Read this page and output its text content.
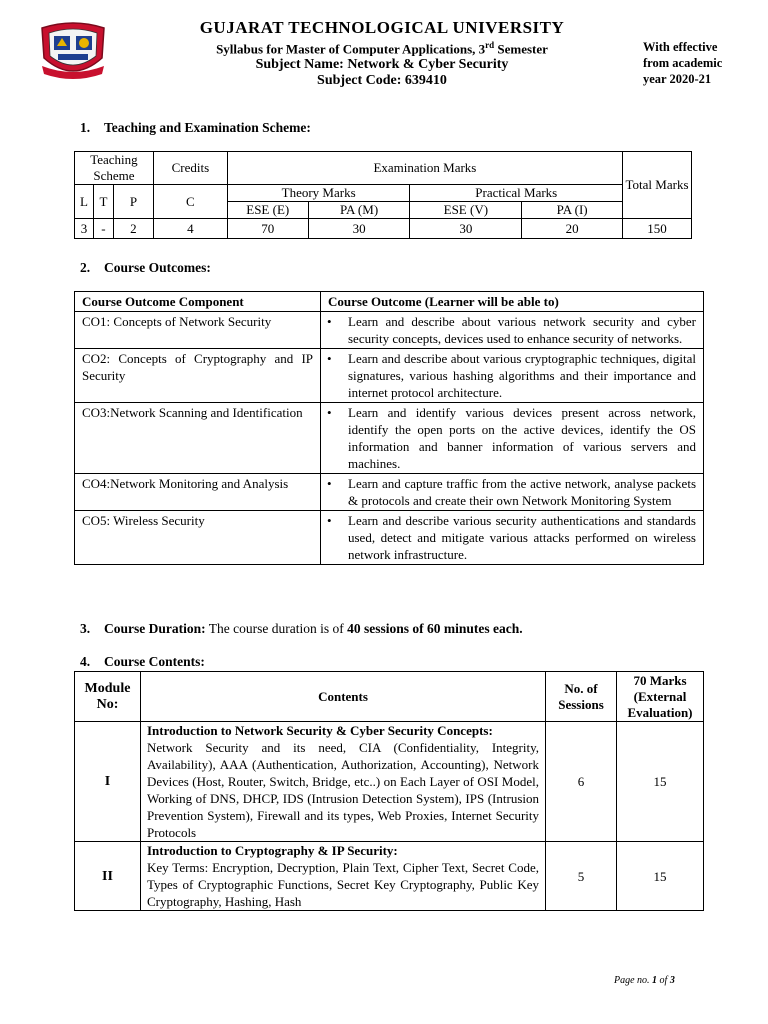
GUJARAT TECHNOLOGICAL UNIVERSITY
Syllabus for Master of Computer Applications, 3rd Semester
Subject Name: Network & Cyber Security
Subject Code: 639410
With effective
from academic
year 2020-21
1. Teaching and Examination Scheme:
Teaching Scheme			Credits	Examination Marks				Total Marks
L	T	P	C	Theory Marks		Practical Marks		
				ESE (E)	PA (M)	ESE (V)	PA (I)	
3	-	2	4	70	30	30	20	150
2. Course Outcomes:
Course Outcome Component	Course Outcome (Learner will be able to)
CO1: Concepts of Network Security	• Learn and describe about various network security and cyber security concepts, devices used to enhance security of networks.

CO2: Concepts of Cryptography and IP Security	• Learn and describe about various cryptographic techniques, digital signatures, various hashing algorithms and their importance and internet protocol architecture.

CO3:Network Scanning and Identification	• Learn and identify various devices present across network, identify the open ports on the active devices, identify the OS information and banner information of various servers and machines.

CO4:Network Monitoring and Analysis	• Learn and capture traffic from the active network, analyse packets & protocols and create their own Network Monitoring System

CO5: Wireless Security	• Learn and describe various security authentications and standards used, detect and mitigate various attacks performed on wireless network infrastructure.
3. Course Duration: The course duration is of 40 sessions of 60 minutes each.
4. Course Contents:
Module No:	Contents	No. of Sessions	70 Marks (External Evaluation)
I	Introduction to Network Security & Cyber Security Concepts:
Network Security and its need, CIA (Confidentiality, Integrity, Availability), AAA (Authentication, Authorization, Accounting), Network Devices (Host, Router, Switch, Bridge, etc..) on Each Layer of OSI Model, Working of DNS, DHCP, IDS (Intrusion Detection System), IPS (Intrusion Prevention System), Firewall and its types, Web Proxies, Internet Security Protocols	6	15
II	Introduction to Cryptography & IP Security:
Key Terms: Encryption, Decryption, Plain Text, Cipher Text, Secret Code, Types of Cryptographic Functions, Secret Key Cryptography, Public Key Cryptography, Hashing, Hash	5	15
Page no. 1 of 3
